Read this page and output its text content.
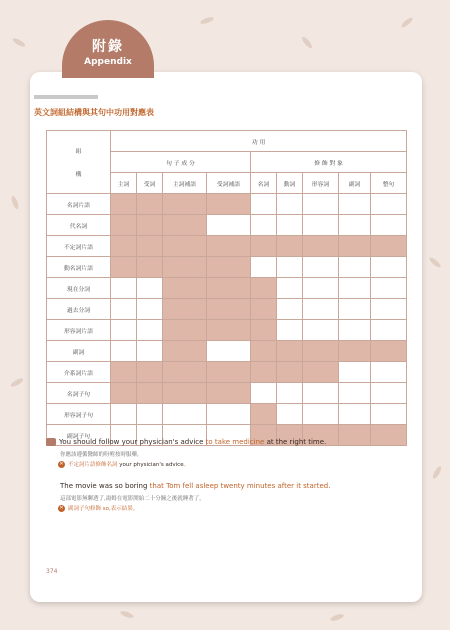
附錄
Appendix
英文詞組結構與其句中功用對應表
組
構	功 用								
	句 子 成 分				修 飾 對 象				
	主詞	受詞	主詞補語	受詞補語	名詞	動詞	形容詞	副詞	整句
名詞片語									
代名詞									
不定詞片語									
動名詞片語									
現在分詞									
過去分詞									
形容詞片語									
副詞									
介系詞片語									
名詞子句									
形容詞子句									
副詞子句									
You should follow your physician's advice to take medicine at the right time.
你應該遵循醫師的吩咐按時服藥。
✕ 不定詞片語修飾名詞 your physician's advice。
The movie was so boring that Tom fell asleep twenty minutes after it started.
這部電影無聊透了,湯姆在電影開始二十分鐘之後就睡著了。
✕ 副詞子句修飾 so,表示結果。
374
